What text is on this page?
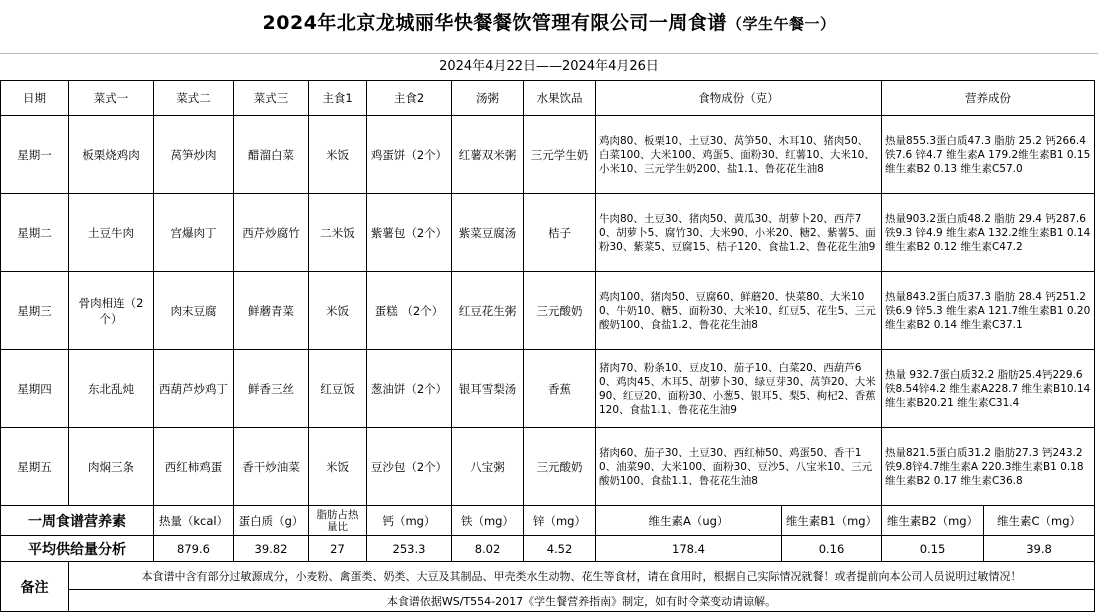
2024年北京龙城丽华快餐餐饮管理有限公司一周食谱（学生午餐一）
2024年4月22日——2024年4月26日
日期	菜式一	菜式二	菜式三	主食1	主食2	汤粥	水果饮品	食物成份（克）		营养成份	
星期一	板栗烧鸡肉	莴笋炒肉	醋溜白菜	米饭	鸡蛋饼（2个）	红薯双米粥	三元学生奶	鸡肉80、板栗10、土豆30、莴笋50、木耳10、猪肉50、白菜100、大米100、鸡蛋5、面粉30、红薯10、大米10、小米10、三元学生奶200、盐1.1、鲁花花生油8		热量855.3蛋白质47.3 脂肪 25.2 钙266.4 铁7.6 锌4.7 维生素A 179.2维生素B1 0.15 维生素B2 0.13 维生素C57.0	
星期二	土豆牛肉	宫爆肉丁	西芹炒腐竹	二米饭	紫薯包（2个）	紫菜豆腐汤	桔子	牛肉80、土豆30、猪肉50、黄瓜30、胡萝卜20、西芹70、胡萝卜5、腐竹30、大米90、小米20、糖2、紫薯5、面粉30、紫菜5、豆腐15、桔子120、食盐1.2、鲁花花生油9		热量903.2蛋白质48.2 脂肪 29.4 钙287.6 铁9.3 锌4.9 维生素A 132.2维生素B1 0.14 维生素B2 0.12 维生素C47.2	
星期三	骨肉相连（2个）	肉末豆腐	鲜蘑青菜	米饭	蛋糕 （2个）	红豆花生粥	三元酸奶	鸡肉100、猪肉50、豆腐60、鲜蘑20、快菜80、大米100、牛奶10、糖5、面粉30、大米10、红豆5、花生5、三元酸奶100、食盐1.2、鲁花花生油8		热量843.2蛋白质37.3 脂肪 28.4 钙251.2 铁6.9 锌5.3 维生素A 121.7维生素B1 0.20 维生素B2 0.14 维生素C37.1	
星期四	东北乱炖	西葫芦炒鸡丁	鲜香三丝	红豆饭	葱油饼（2个）	银耳雪梨汤	香蕉	猪肉70、粉条10、豆皮10、茄子10、白菜20、西葫芦60、鸡肉45、木耳5、胡萝卜30、绿豆芽30、莴笋20、大米90、红豆20、面粉30、小葱5、银耳5、梨5、枸杞2、香蕉120、食盐1.1、鲁花花生油9		热量 932.7蛋白质32.2 脂肪25.4钙229.6铁8.54锌4.2 维生素A228.7 维生素B10.14 维生素B20.21 维生素C31.4	
星期五	肉焖三条	西红柿鸡蛋	香干炒油菜	米饭	豆沙包（2个）	八宝粥	三元酸奶	猪肉60、茄子30、土豆30、西红柿50、鸡蛋50、香干10、油菜90、大米100、面粉30、豆沙5、八宝米10、三元酸奶100、食盐1.1、鲁花花生油8		热量821.5蛋白质31.2 脂肪27.3 钙243.2铁9.8锌4.7维生素A 220.3维生素B1 0.18维生素B2 0.17 维生素C36.8	
一周食谱营养素		热量（kcal）	蛋白质（g）	脂肪占热量比	钙（mg）	铁（mg）	锌（mg）	维生素A（ug）	维生素B1（mg）	维生素B2（mg）	维生素C（mg）
平均供给量分析		879.6	39.82	27	253.3	8.02	4.52	178.4	0.16	0.15	39.8
备注	本食谱中含有部分过敏源成分，小麦粉、禽蛋类、奶类、大豆及其制品、甲壳类水生动物、花生等食材，请在食用时，根据自己实际情况就餐！或者提前向本公司人员说明过敏情况！										
	本食谱依据WS/T554-2017《学生餐营养指南》制定，如有时令菜变动请谅解。										
